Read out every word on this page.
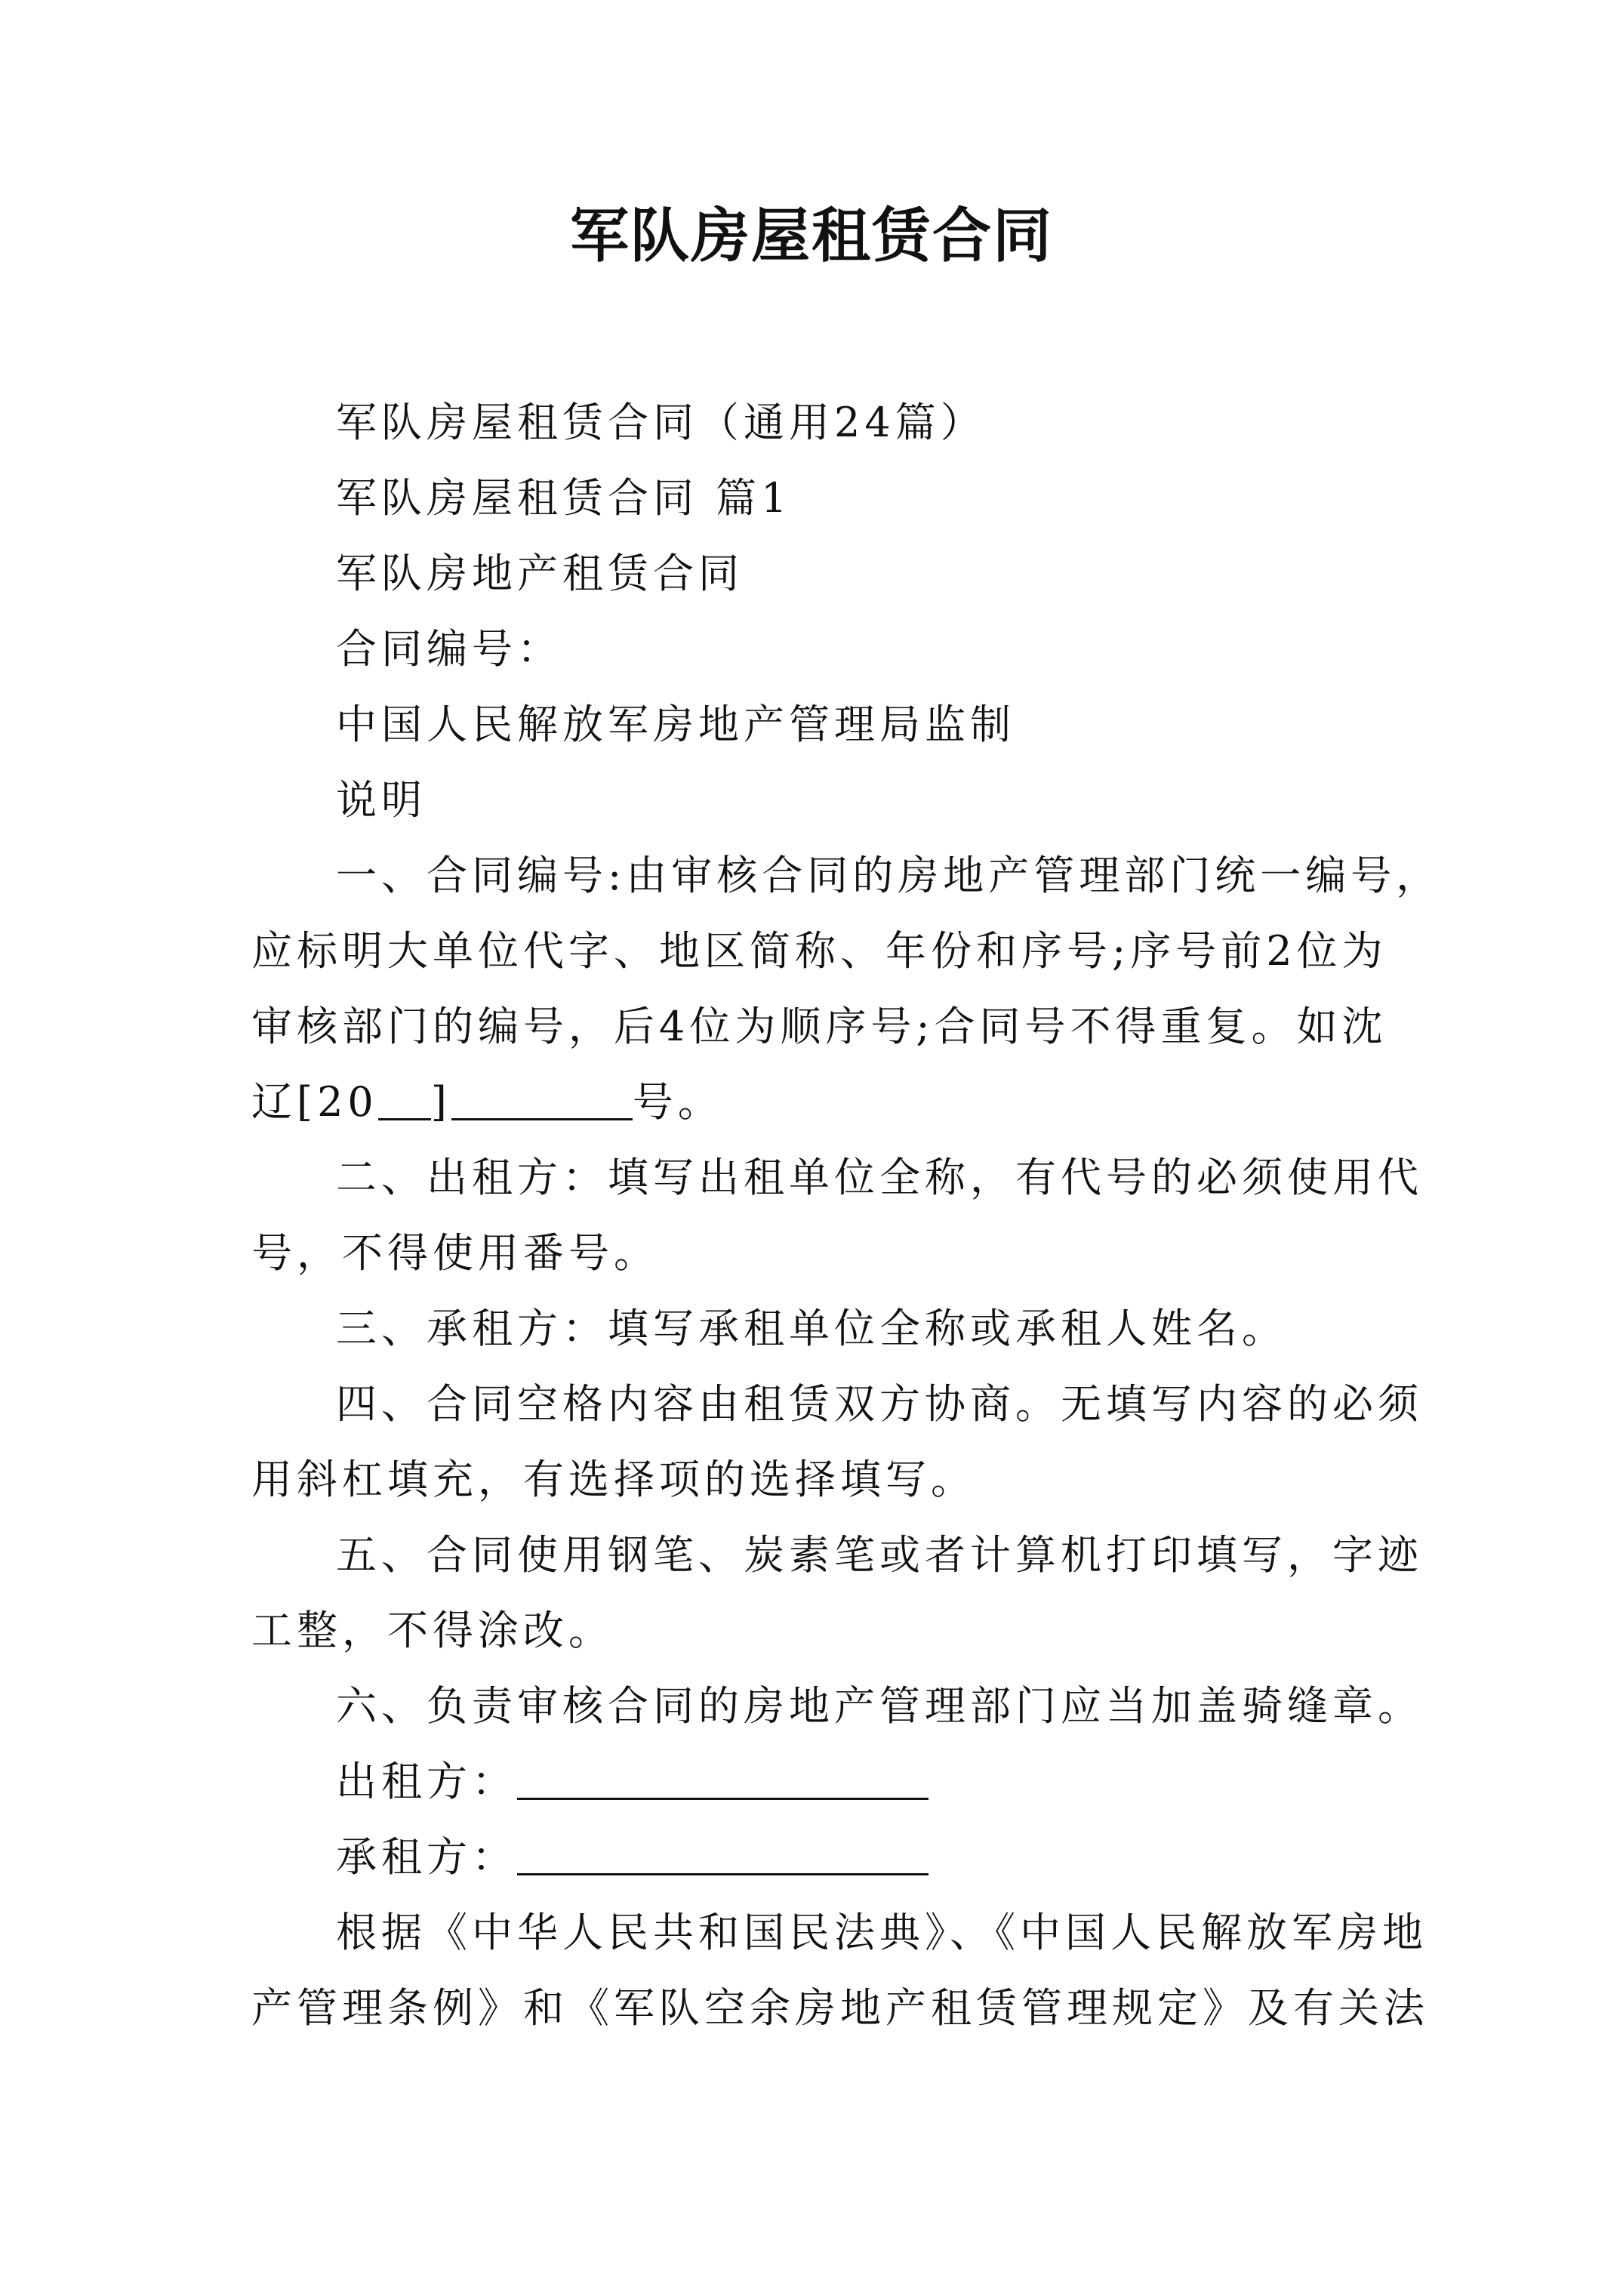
军队房屋租赁合同

军队房屋租赁合同（通用24篇）

军队房屋租赁合同 篇1

军队房地产租赁合同

合同编号：

中国人民解放军房地产管理局监制

说明

一、合同编号:由审核合同的房地产管理部门统一编号，
应标明大单位代字、地区简称、年份和序号;序号前2位为
审核部门的编号，后4位为顺序号;合同号不得重复。如沈
辽[20 ]	号。

二、出租方：填写出租单位全称，有代号的必须使用代
号，不得使用番号。

三、承租方：填写承租单位全称或承租人姓名。

四、合同空格内容由租赁双方协商。无填写内容的必须
用斜杠填充，有选择项的选择填写。

五、合同使用钢笔、炭素笔或者计算机打印填写，字迹
工整，不得涂改。

六、负责审核合同的房地产管理部门应当加盖骑缝章。

出租方：

承租方：

根据《中华人民共和国民法典》、《中国人民解放军房地
产管理条例》和《军队空余房地产租赁管理规定》及有关法
